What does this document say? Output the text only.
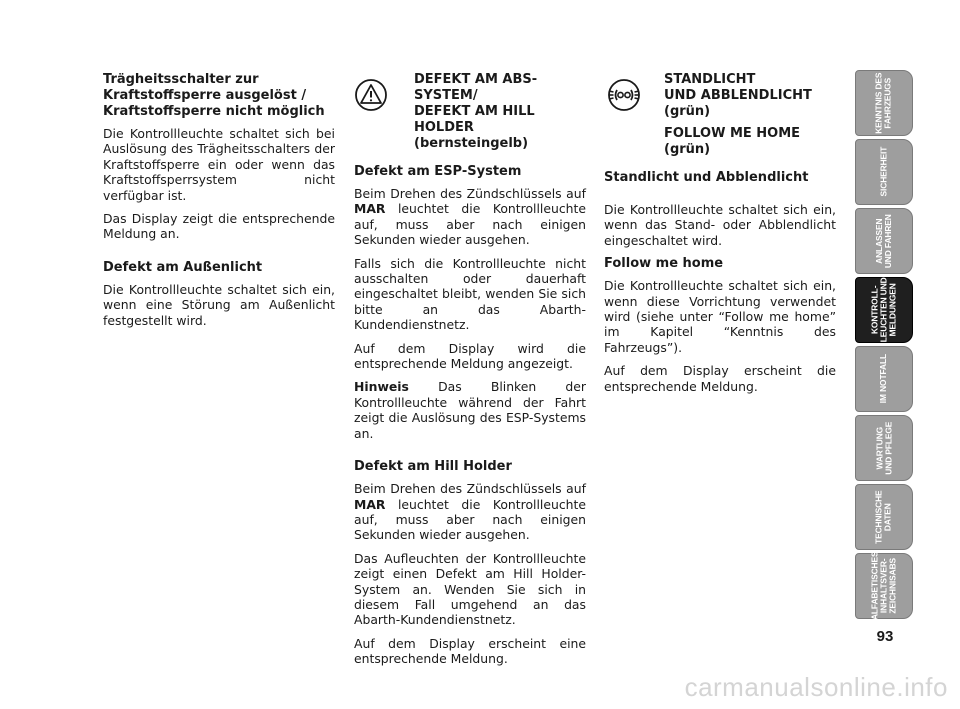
Trägheitsschalter zur Kraftstoffsperre ausgelöst / Kraftstoffsperre nicht möglich

Die Kontrollleuchte schaltet sich bei Auslösung des Trägheitsschalters der Kraftstoffsperre ein oder wenn das Kraftstoffsperrsystem nicht verfügbar ist.

Das Display zeigt die entsprechende Meldung an.

Defekt am Außenlicht

Die Kontrollleuchte schaltet sich ein, wenn eine Störung am Außenlicht festgestellt wird.

DEFEKT AM ABS-
SYSTEM/
DEFEKT AM HILL
HOLDER
(bernsteingelb)
Defekt am ESP-System

Beim Drehen des Zündschlüssels auf MAR leuchtet die Kontrollleuchte auf, muss aber nach einigen Sekunden wieder ausgehen.

Falls sich die Kontrollleuchte nicht ausschalten oder dauerhaft eingeschaltet bleibt, wenden Sie sich bitte an das Abarth-Kundendienstnetz.

Auf dem Display wird die entsprechende Meldung angezeigt.

Hinweis Das Blinken der Kontrollleuchte während der Fahrt zeigt die Auslösung des ESP-Systems an.

Defekt am Hill Holder

Beim Drehen des Zündschlüssels auf MAR leuchtet die Kontrollleuchte auf, muss aber nach einigen Sekunden wieder ausgehen.

Das Aufleuchten der Kontrollleuchte zeigt einen Defekt am Hill Holder-System an. Wenden Sie sich in diesem Fall umgehend an das Abarth-Kundendienstnetz.

Auf dem Display erscheint eine entsprechende Meldung.

STANDLICHT
UND ABBLENDLICHT
(grün)
FOLLOW ME HOME
(grün)
Standlicht und Abblendlicht

Die Kontrollleuchte schaltet sich ein, wenn das Stand- oder Abblendlicht eingeschaltet wird.

Follow me home

Die Kontrollleuchte schaltet sich ein, wenn diese Vorrichtung verwendet wird (siehe unter “Follow me home” im Kapitel “Kenntnis des Fahrzeugs”).

Auf dem Display erscheint die entsprechende Meldung.

KENNTNIS DES
FAHRZEUGS
SICHERHEIT
ANLASSEN
UND FAHREN
KONTROLL-
LEUCHTEN UND
MELDUNGEN
IM NOTFALL
WARTUNG
UND PFLEGE
TECHNISCHE
DATEN
ALFABETISCHES
INHALTSVER-
ZEICHNISABS
93
carmanualsonline.info
